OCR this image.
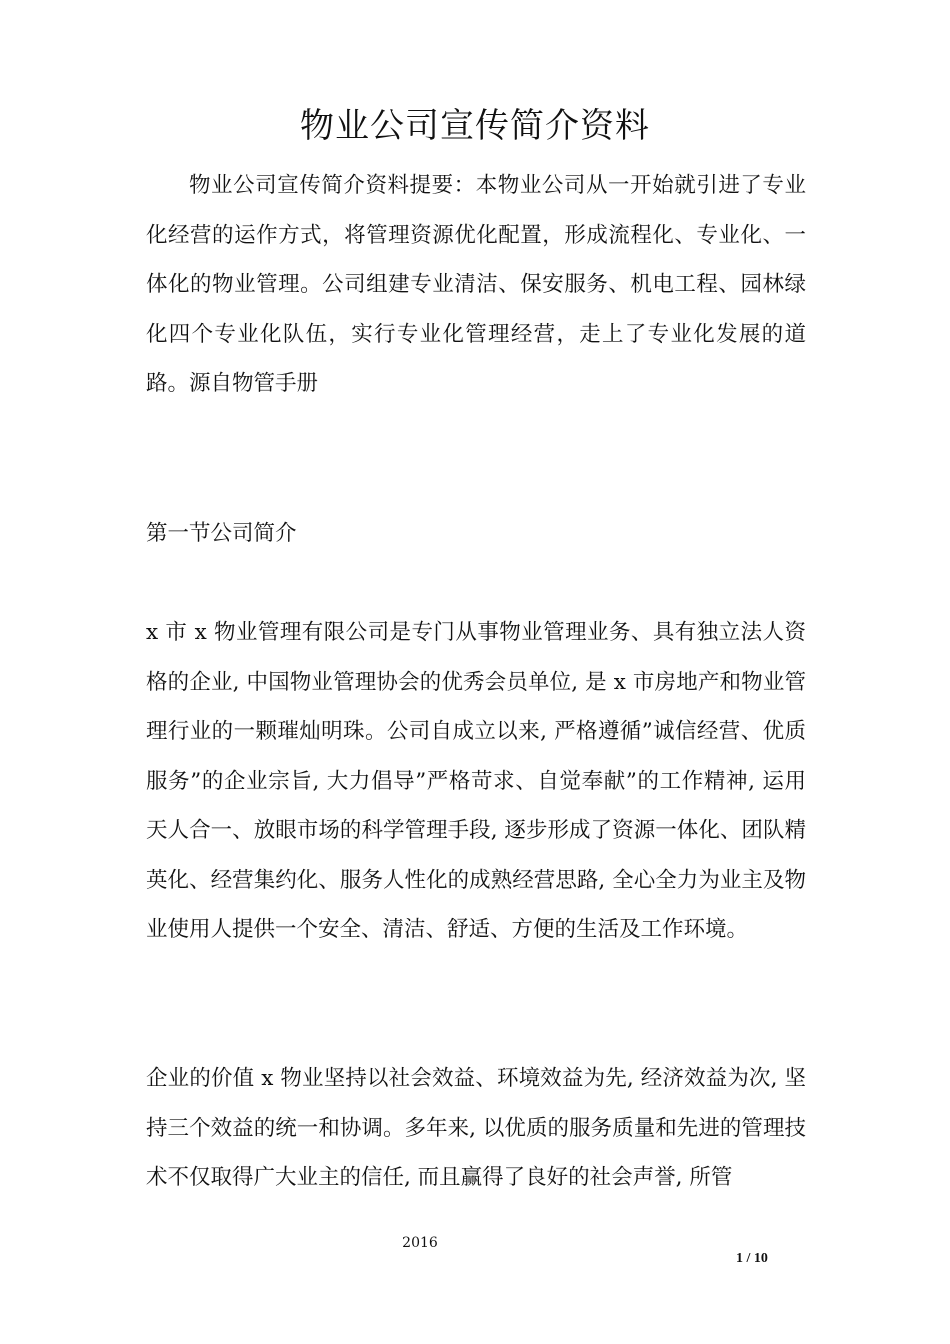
物业公司宣传简介资料

物业公司宣传简介资料提要：本物业公司从一开始就引进了专业化经营的运作方式，将管理资源优化配置，形成流程化、专业化、一体化的物业管理。公司组建专业清洁、保安服务、机电工程、园林绿化四个专业化队伍，实行专业化管理经营，走上了专业化发展的道路。源自物管手册

第一节公司简介

x 市 x 物业管理有限公司是专门从事物业管理业务、具有独立法人资格的企业, 中国物业管理协会的优秀会员单位, 是 x 市房地产和物业管理行业的一颗璀灿明珠。公司自成立以来, 严格遵循”诚信经营、优质服务”的企业宗旨, 大力倡导”严格苛求、自觉奉献”的工作精神, 运用天人合一、放眼市场的科学管理手段, 逐步形成了资源一体化、团队精英化、经营集约化、服务人性化的成熟经营思路, 全心全力为业主及物业使用人提供一个安全、清洁、舒适、方便的生活及工作环境。

企业的价值 x 物业坚持以社会效益、环境效益为先, 经济效益为次, 坚持三个效益的统一和协调。多年来, 以优质的服务质量和先进的管理技术不仅取得广大业主的信任, 而且赢得了良好的社会声誉, 所管

2016
1 / 10
